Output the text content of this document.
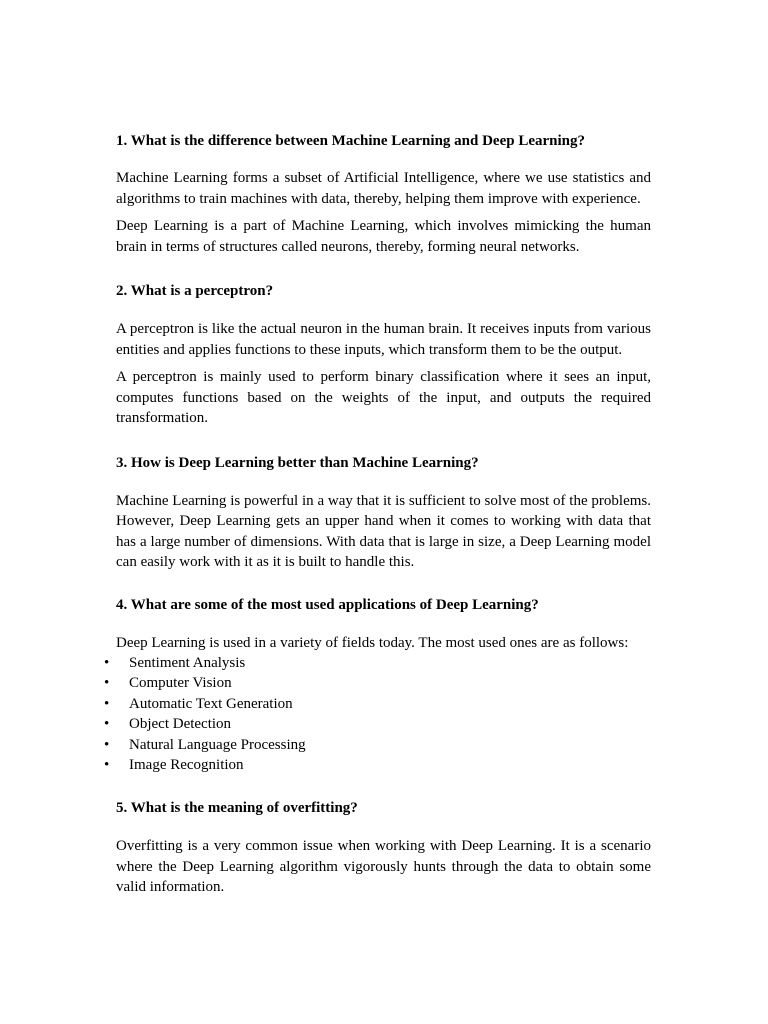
1. What is the difference between Machine Learning and Deep Learning?

Machine Learning forms a subset of Artificial Intelligence, where we use statistics and algorithms to train machines with data, thereby, helping them improve with experience.

Deep Learning is a part of Machine Learning, which involves mimicking the human brain in terms of structures called neurons, thereby, forming neural networks.

2. What is a perceptron?

A perceptron is like the actual neuron in the human brain. It receives inputs from various entities and applies functions to these inputs, which transform them to be the output.

A perceptron is mainly used to perform binary classification where it sees an input, computes functions based on the weights of the input, and outputs the required transformation.

3. How is Deep Learning better than Machine Learning?

Machine Learning is powerful in a way that it is sufficient to solve most of the problems. However, Deep Learning gets an upper hand when it comes to working with data that has a large number of dimensions. With data that is large in size, a Deep Learning model can easily work with it as it is built to handle this.

4. What are some of the most used applications of Deep Learning?

Deep Learning is used in a variety of fields today. The most used ones are as follows:

• Sentiment Analysis
• Computer Vision
• Automatic Text Generation
• Object Detection
• Natural Language Processing
• Image Recognition
5. What is the meaning of overfitting?

Overfitting is a very common issue when working with Deep Learning. It is a scenario where the Deep Learning algorithm vigorously hunts through the data to obtain some valid information.
